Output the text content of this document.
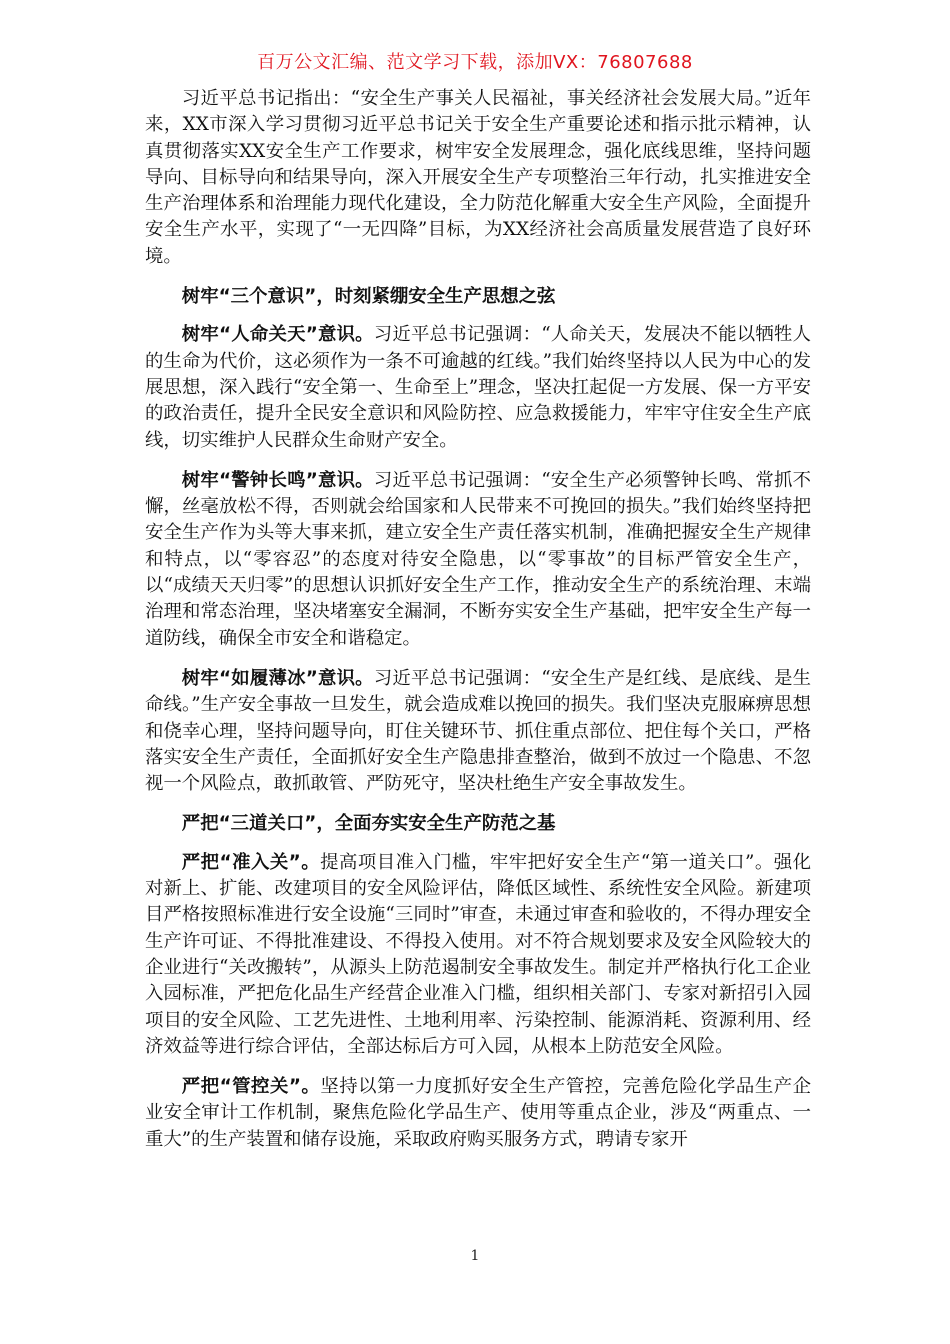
百万公文汇编、范文学习下载，添加VX：76807688

习近平总书记指出：“安全生产事关人民福祉，事关经济社会发展大局。”近年来，XX市深入学习贯彻习近平总书记关于安全生产重要论述和指示批示精神，认真贯彻落实XX安全生产工作要求，树牢安全发展理念，强化底线思维，坚持问题导向、目标导向和结果导向，深入开展安全生产专项整治三年行动，扎实推进安全生产治理体系和治理能力现代化建设，全力防范化解重大安全生产风险，全面提升安全生产水平，实现了“一无四降”目标，为XX经济社会高质量发展营造了良好环境。

树牢“三个意识”，时刻紧绷安全生产思想之弦

树牢“人命关天”意识。习近平总书记强调：“人命关天，发展决不能以牺牲人的生命为代价，这必须作为一条不可逾越的红线。”我们始终坚持以人民为中心的发展思想，深入践行“安全第一、生命至上”理念，坚决扛起促一方发展、保一方平安的政治责任，提升全民安全意识和风险防控、应急救援能力，牢牢守住安全生产底线，切实维护人民群众生命财产安全。

树牢“警钟长鸣”意识。习近平总书记强调：“安全生产必须警钟长鸣、常抓不懈，丝毫放松不得，否则就会给国家和人民带来不可挽回的损失。”我们始终坚持把安全生产作为头等大事来抓，建立安全生产责任落实机制，准确把握安全生产规律和特点，以“零容忍”的态度对待安全隐患，以“零事故”的目标严管安全生产，以“成绩天天归零”的思想认识抓好安全生产工作，推动安全生产的系统治理、末端治理和常态治理，坚决堵塞安全漏洞，不断夯实安全生产基础，把牢安全生产每一道防线，确保全市安全和谐稳定。

树牢“如履薄冰”意识。习近平总书记强调：“安全生产是红线、是底线、是生命线。”生产安全事故一旦发生，就会造成难以挽回的损失。我们坚决克服麻痹思想和侥幸心理，坚持问题导向，盯住关键环节、抓住重点部位、把住每个关口，严格落实安全生产责任，全面抓好安全生产隐患排查整治，做到不放过一个隐患、不忽视一个风险点，敢抓敢管、严防死守，坚决杜绝生产安全事故发生。

严把“三道关口”，全面夯实安全生产防范之基

严把“准入关”。提高项目准入门槛，牢牢把好安全生产“第一道关口”。强化对新上、扩能、改建项目的安全风险评估，降低区域性、系统性安全风险。新建项目严格按照标准进行安全设施“三同时”审查，未通过审查和验收的，不得办理安全生产许可证、不得批准建设、不得投入使用。对不符合规划要求及安全风险较大的企业进行“关改搬转”，从源头上防范遏制安全事故发生。制定并严格执行化工企业入园标准，严把危化品生产经营企业准入门槛，组织相关部门、专家对新招引入园项目的安全风险、工艺先进性、土地利用率、污染控制、能源消耗、资源利用、经济效益等进行综合评估，全部达标后方可入园，从根本上防范安全风险。

严把“管控关”。坚持以第一力度抓好安全生产管控，完善危险化学品生产企业安全审计工作机制，聚焦危险化学品生产、使用等重点企业，涉及“两重点、一重大”的生产装置和储存设施，采取政府购买服务方式，聘请专家开

1
